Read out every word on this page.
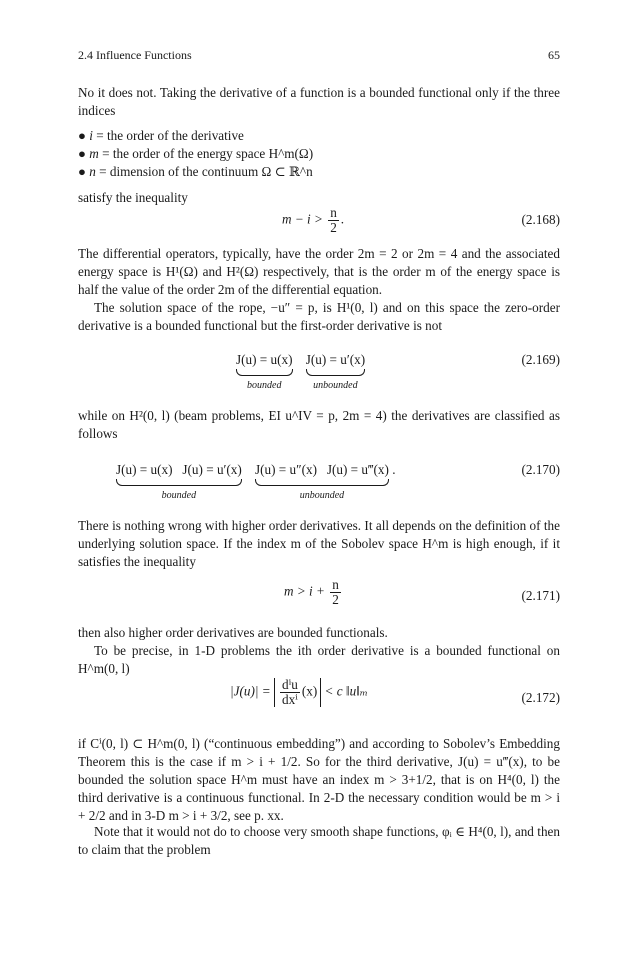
2.4 Influence Functions	65

No it does not. Taking the derivative of a function is a bounded functional only if the three indices

● i = the order of the derivative
● m = the order of the energy space H^m(Ω)
● n = dimension of the continuum Ω ⊂ ℝ^n

satisfy the inequality

$m - i > \frac{n}{2}$ .	(2.168)

The differential operators, typically, have the order 2m = 2 or 2m = 4 and the associated energy space is H¹(Ω) and H²(Ω) respectively, that is the order m of the energy space is half the value of the order 2m of the differential equation.

The solution space of the rope, −u″ = p, is H¹(0, l) and on this space the zero-order derivative is a bounded functional but the first-order derivative is not

J(u) = u(x)
bounded
J(u) = u′(x)
unbounded
(2.169)

while on H²(0, l) (beam problems, EI u^IV = p, 2m = 4) the derivatives are classified as follows

J(u) = u(x)   J(u) = u′(x)
bounded
J(u) = u″(x)   J(u) = u‴(x)
unbounded
.	(2.170)

There is nothing wrong with higher order derivatives. It all depends on the definition of the underlying solution space. If the index m of the Sobolev space H^m is high enough, if it satisfies the inequality

$m > i + \frac{n}{2}$	(2.171)

then also higher order derivatives are bounded functionals.

To be precise, in 1-D problems the ith order derivative is a bounded functional on H^m(0, l)

$|J(u)| = \frac{\text{dⁱu}}{\text{dxⁱ}} (x) < c$ ‖u‖ₘ	(2.172)

if Cⁱ(0, l) ⊂ H^m(0, l) (“continuous embedding”) and according to Sobolev’s Embedding Theorem this is the case if m > i + 1/2. So for the third derivative, J(u) = u‴(x), to be bounded the solution space H^m must have an index m > 3+1/2, that is on H⁴(0, l) the third derivative is a continuous functional. In 2-D the necessary condition would be m > i + 2/2 and in 3-D m > i + 3/2, see p. xx.

Note that it would not do to choose very smooth shape functions, φᵢ ∈ H⁴(0, l), and then to claim that the problem
